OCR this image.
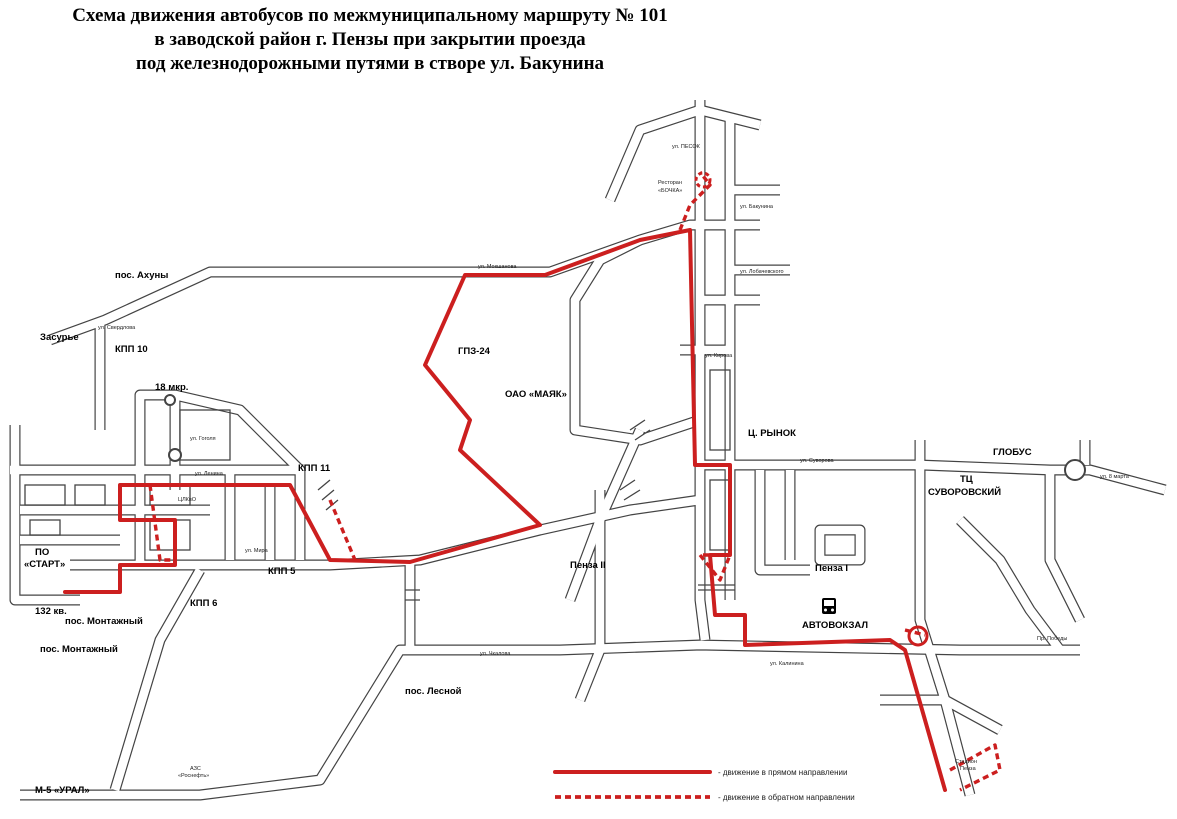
Схема движения автобусов по межмуниципальному маршруту № 101
в заводской район г. Пензы при закрытии проезда
под железнодорожными путями в створе ул. Бакунина
пос. Ахуны
Засурье
КПП 10
18 мкр.
КПП 11
КПП 5
КПП 6
ПО
«СТАРТ»
132 кв.
пос. Монтажный
пос. Монтажный
М-5 «УРАЛ»
пос. Лесной
ГПЗ-24
ОАО «МАЯК»
Пенза II	Пенза I
Ц. РЫНОК
ГЛОБУС
ТЦ
СУВОРОВСКИЙ
АВТОВОКЗАЛ
Пр. Победы
Ресторан
«БОЧКА»
ул. ПЕСОК
ЦЛКвО
АЗС
«Роснефть»
Стадион
Пенза
ул. Мокшанова
ул. Суворова
ул. Ленина
ул. Мира
ул. Чкалова
ул. Калинина
ул. Свердлова
ул. Гоголя
ул. Бакунина
ул. Лобачевского
ул. Кирова
ул. 8 марта
- движение в прямом направлении
- движение в обратном направлении
